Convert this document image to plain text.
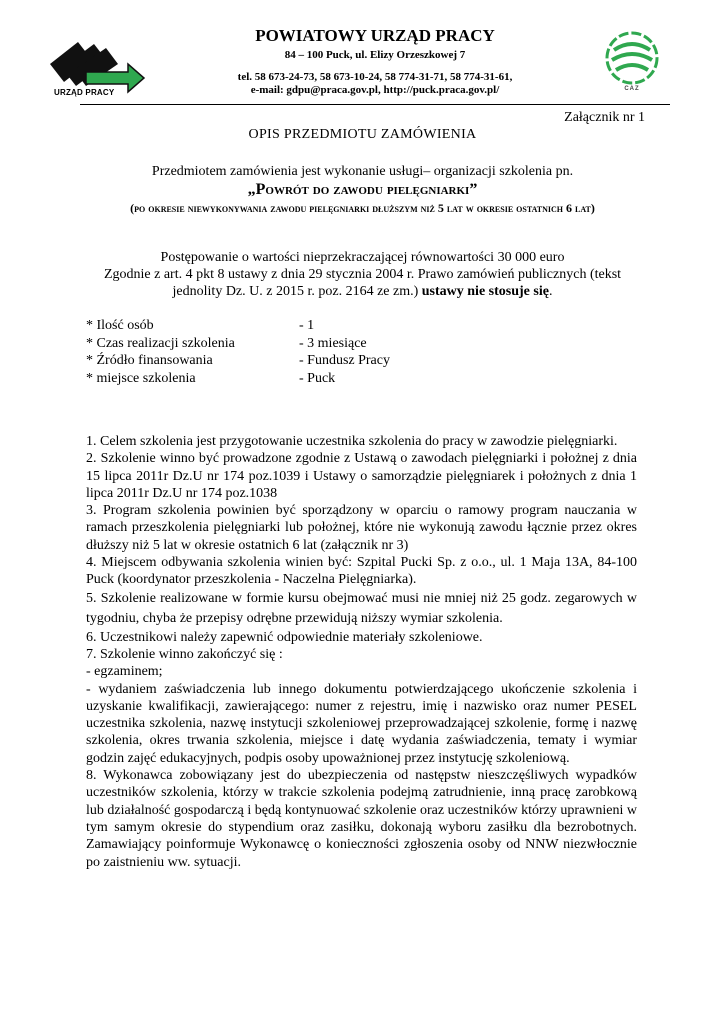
URZĄD PRACY
POWIATOWY URZĄD PRACY
84 – 100 Puck, ul. Elizy Orzeszkowej 7
tel. 58 673-24-73, 58 673-10-24, 58 774-31-71, 58 774-31-61,
e-mail: gdpu@praca.gov.pl, http://puck.praca.gov.pl/	CAZ
Załącznik nr 1
OPIS PRZEDMIOTU ZAMÓWIENIA
Przedmiotem zamówienia jest wykonanie usługi– organizacji szkolenia pn.
„Powrót do zawodu pielęgniarki”
(po okresie niewykonywania zawodu pielęgniarki dłuższym niż 5 lat w okresie ostatnich 6 lat)
Postępowanie o wartości nieprzekraczającej równowartości 30 000 euro
Zgodnie z art. 4 pkt 8 ustawy z dnia 29 stycznia 2004 r. Prawo zamówień publicznych (tekst jednolity Dz. U. z 2015 r. poz. 2164 ze zm.) ustawy nie stosuje się.
* Ilość osób	- 1
* Czas realizacji szkolenia	- 3 miesiące
* Źródło finansowania	- Fundusz Pracy
* miejsce szkolenia	- Puck

1. Celem szkolenia jest przygotowanie uczestnika szkolenia do pracy w zawodzie pielęgniarki.

2. Szkolenie winno być prowadzone zgodnie z Ustawą o zawodach pielęgniarki i położnej z dnia 15 lipca 2011r Dz.U nr 174 poz.1039 i Ustawy o samorządzie pielęgniarek i położnych z dnia 1 lipca 2011r Dz.U nr 174 poz.1038

3. Program szkolenia powinien być sporządzony w oparciu o ramowy program nauczania w ramach przeszkolenia pielęgniarki lub położnej, które nie wykonują zawodu łącznie przez okres dłuższy niż 5 lat w okresie ostatnich 6 lat (załącznik nr 3)

4. Miejscem odbywania szkolenia winien być: Szpital Pucki Sp. z o.o., ul. 1 Maja 13A, 84-100 Puck (koordynator przeszkolenia - Naczelna Pielęgniarka).

5. Szkolenie realizowane w formie kursu obejmować musi nie mniej niż 25 godz. zegarowych w tygodniu, chyba że przepisy odrębne przewidują niższy wymiar szkolenia.

6. Uczestnikowi należy zapewnić odpowiednie materiały szkoleniowe.

7. Szkolenie winno zakończyć się :

- egzaminem;

- wydaniem zaświadczenia lub innego dokumentu potwierdzającego ukończenie szkolenia i uzyskanie kwalifikacji, zawierającego: numer z rejestru, imię i nazwisko oraz numer PESEL uczestnika szkolenia, nazwę instytucji szkoleniowej przeprowadzającej szkolenie, formę i nazwę szkolenia, okres trwania szkolenia, miejsce i datę wydania zaświadczenia, tematy i wymiar godzin zajęć edukacyjnych, podpis osoby upoważnionej przez instytucję szkoleniową.

8. Wykonawca zobowiązany jest do ubezpieczenia od następstw nieszczęśliwych wypadków uczestników szkolenia, którzy w trakcie szkolenia podejmą zatrudnienie, inną pracę zarobkową lub działalność gospodarczą i będą kontynuować szkolenie oraz uczestników którzy uprawnieni w tym samym okresie do stypendium oraz zasiłku, dokonają wyboru zasiłku dla bezrobotnych. Zamawiający poinformuje Wykonawcę o konieczności zgłoszenia osoby od NNW niezwłocznie po zaistnieniu ww. sytuacji.
